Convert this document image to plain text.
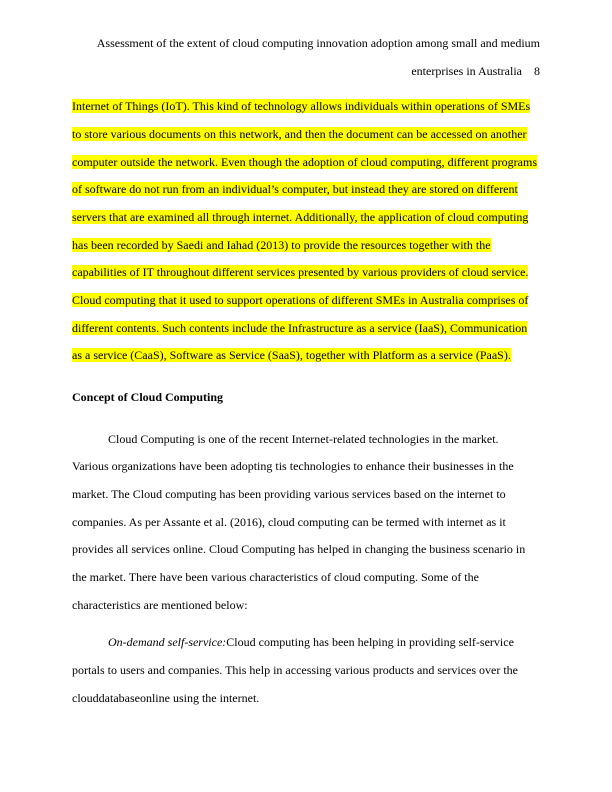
Assessment of the extent of cloud computing innovation adoption among small and medium
enterprises in Australia 8
Internet of Things (IoT). This kind of technology allows individuals within operations of SMEs
to store various documents on this network, and then the document can be accessed on another
computer outside the network. Even though the adoption of cloud computing, different programs
of software do not run from an individual’s computer, but instead they are stored on different
servers that are examined all through internet. Additionally, the application of cloud computing
has been recorded by Saedi and Iahad (2013) to provide the resources together with the
capabilities of IT throughout different services presented by various providers of cloud service.
Cloud computing that it used to support operations of different SMEs in Australia comprises of
different contents. Such contents include the Infrastructure as a service (IaaS), Communication
as a service (CaaS), Software as Service (SaaS), together with Platform as a service (PaaS).
Concept of Cloud Computing
Cloud Computing is one of the recent Internet-related technologies in the market.
Various organizations have been adopting tis technologies to enhance their businesses in the
market. The Cloud computing has been providing various services based on the internet to
companies. As per Assante et al. (2016), cloud computing can be termed with internet as it
provides all services online. Cloud Computing has helped in changing the business scenario in
the market. There have been various characteristics of cloud computing. Some of the
characteristics are mentioned below:
On-demand self-service:Cloud computing has been helping in providing self-service
portals to users and companies. This help in accessing various products and services over the
clouddatabaseonline using the internet.
